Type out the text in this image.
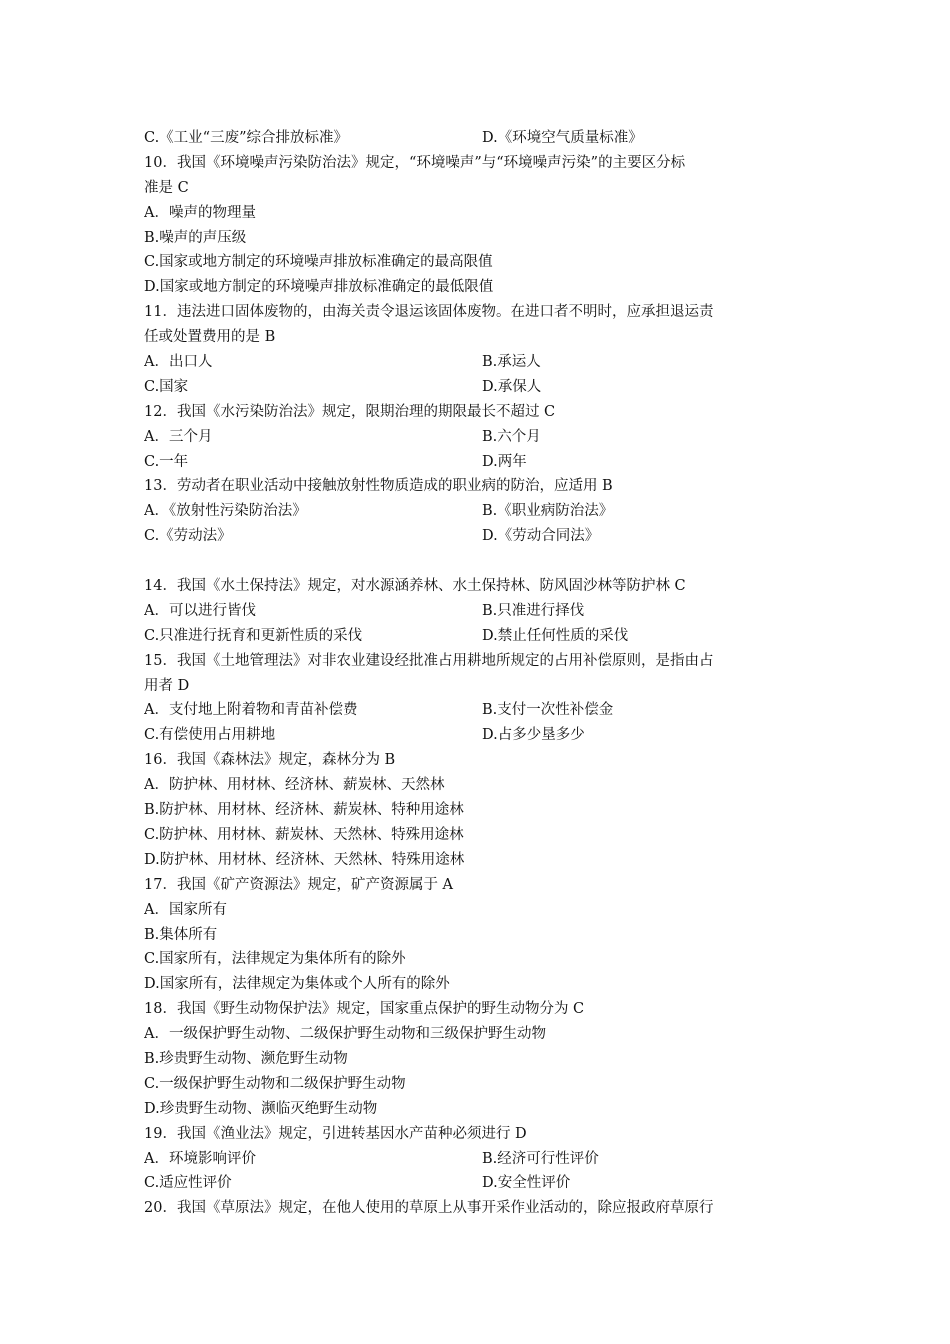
C.《工业“三废”综合排放标准》	D.《环境空气质量标准》
10．我国《环境噪声污染防治法》规定，“环境噪声”与“环境噪声污染”的主要区分标
准是 C
A．噪声的物理量
B.噪声的声压级
C.国家或地方制定的环境噪声排放标准确定的最高限值
D.国家或地方制定的环境噪声排放标准确定的最低限值
11．违法进口固体废物的，由海关责令退运该固体废物。在进口者不明时，应承担退运责
任或处置费用的是 B
A．出口人	B.承运人
C.国家	D.承保人
12．我国《水污染防治法》规定，限期治理的期限最长不超过 C
A．三个月	B.六个月
C.一年	D.两年
13．劳动者在职业活动中接触放射性物质造成的职业病的防治，应适用 B
A．《放射性污染防治法》	B.《职业病防治法》
C.《劳动法》	D.《劳动合同法》
14．我国《水土保持法》规定，对水源涵养林、水土保持林、防风固沙林等防护林 C
A．可以进行皆伐	B.只准进行择伐
C.只准进行抚育和更新性质的采伐	D.禁止任何性质的采伐
15．我国《土地管理法》对非农业建设经批准占用耕地所规定的占用补偿原则，是指由占
用者 D
A．支付地上附着物和青苗补偿费	B.支付一次性补偿金
C.有偿使用占用耕地	D.占多少垦多少
16．我国《森林法》规定，森林分为 B
A．防护林、用材林、经济林、薪炭林、天然林
B.防护林、用材林、经济林、薪炭林、特种用途林
C.防护林、用材林、薪炭林、天然林、特殊用途林
D.防护林、用材林、经济林、天然林、特殊用途林
17．我国《矿产资源法》规定，矿产资源属于 A
A．国家所有
B.集体所有
C.国家所有，法律规定为集体所有的除外
D.国家所有，法律规定为集体或个人所有的除外
18．我国《野生动物保护法》规定，国家重点保护的野生动物分为 C
A．一级保护野生动物、二级保护野生动物和三级保护野生动物
B.珍贵野生动物、濒危野生动物
C.一级保护野生动物和二级保护野生动物
D.珍贵野生动物、濒临灭绝野生动物
19．我国《渔业法》规定，引进转基因水产苗种必须进行 D
A．环境影响评价	B.经济可行性评价
C.适应性评价	D.安全性评价
20．我国《草原法》规定，在他人使用的草原上从事开采作业活动的，除应报政府草原行
